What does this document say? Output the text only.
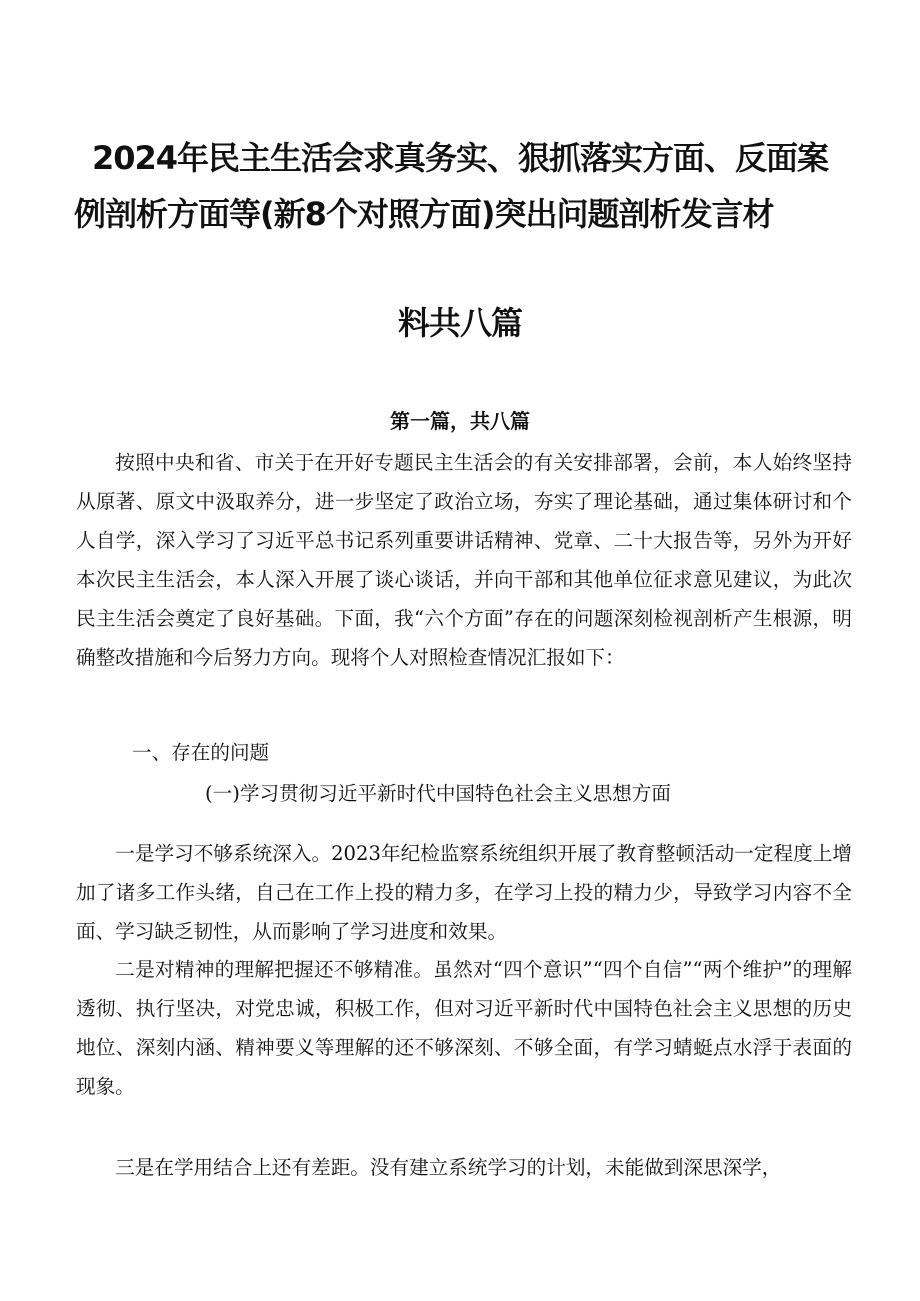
2024年民主生活会求真务实、狠抓落实方面、反面案
例剖析方面等(新8个对照方面)突出问题剖析发言材
料共八篇
第一篇，共八篇

按照中央和省、市关于在开好专题民主生活会的有关安排部署，会前，本人始终坚持从原著、原文中汲取养分，进一步坚定了政治立场，夯实了理论基础，通过集体研讨和个人自学，深入学习了习近平总书记系列重要讲话精神、党章、二十大报告等，另外为开好本次民主生活会，本人深入开展了谈心谈话，并向干部和其他单位征求意见建议，为此次民主生活会奠定了良好基础。下面，我“六个方面”存在的问题深刻检视剖析产生根源，明确整改措施和今后努力方向。现将个人对照检查情况汇报如下：

一、存在的问题

(一)学习贯彻习近平新时代中国特色社会主义思想方面

一是学习不够系统深入。2023年纪检监察系统组织开展了教育整顿活动一定程度上增加了诸多工作头绪，自己在工作上投的精力多，在学习上投的精力少，导致学习内容不全面、学习缺乏韧性，从而影响了学习进度和效果。

二是对精神的理解把握还不够精准。虽然对“四个意识”“四个自信”“两个维护”的理解透彻、执行坚决，对党忠诚，积极工作，但对习近平新时代中国特色社会主义思想的历史地位、深刻内涵、精神要义等理解的还不够深刻、不够全面，有学习蜻蜓点水浮于表面的现象。

三是在学用结合上还有差距。没有建立系统学习的计划，未能做到深思深学，
